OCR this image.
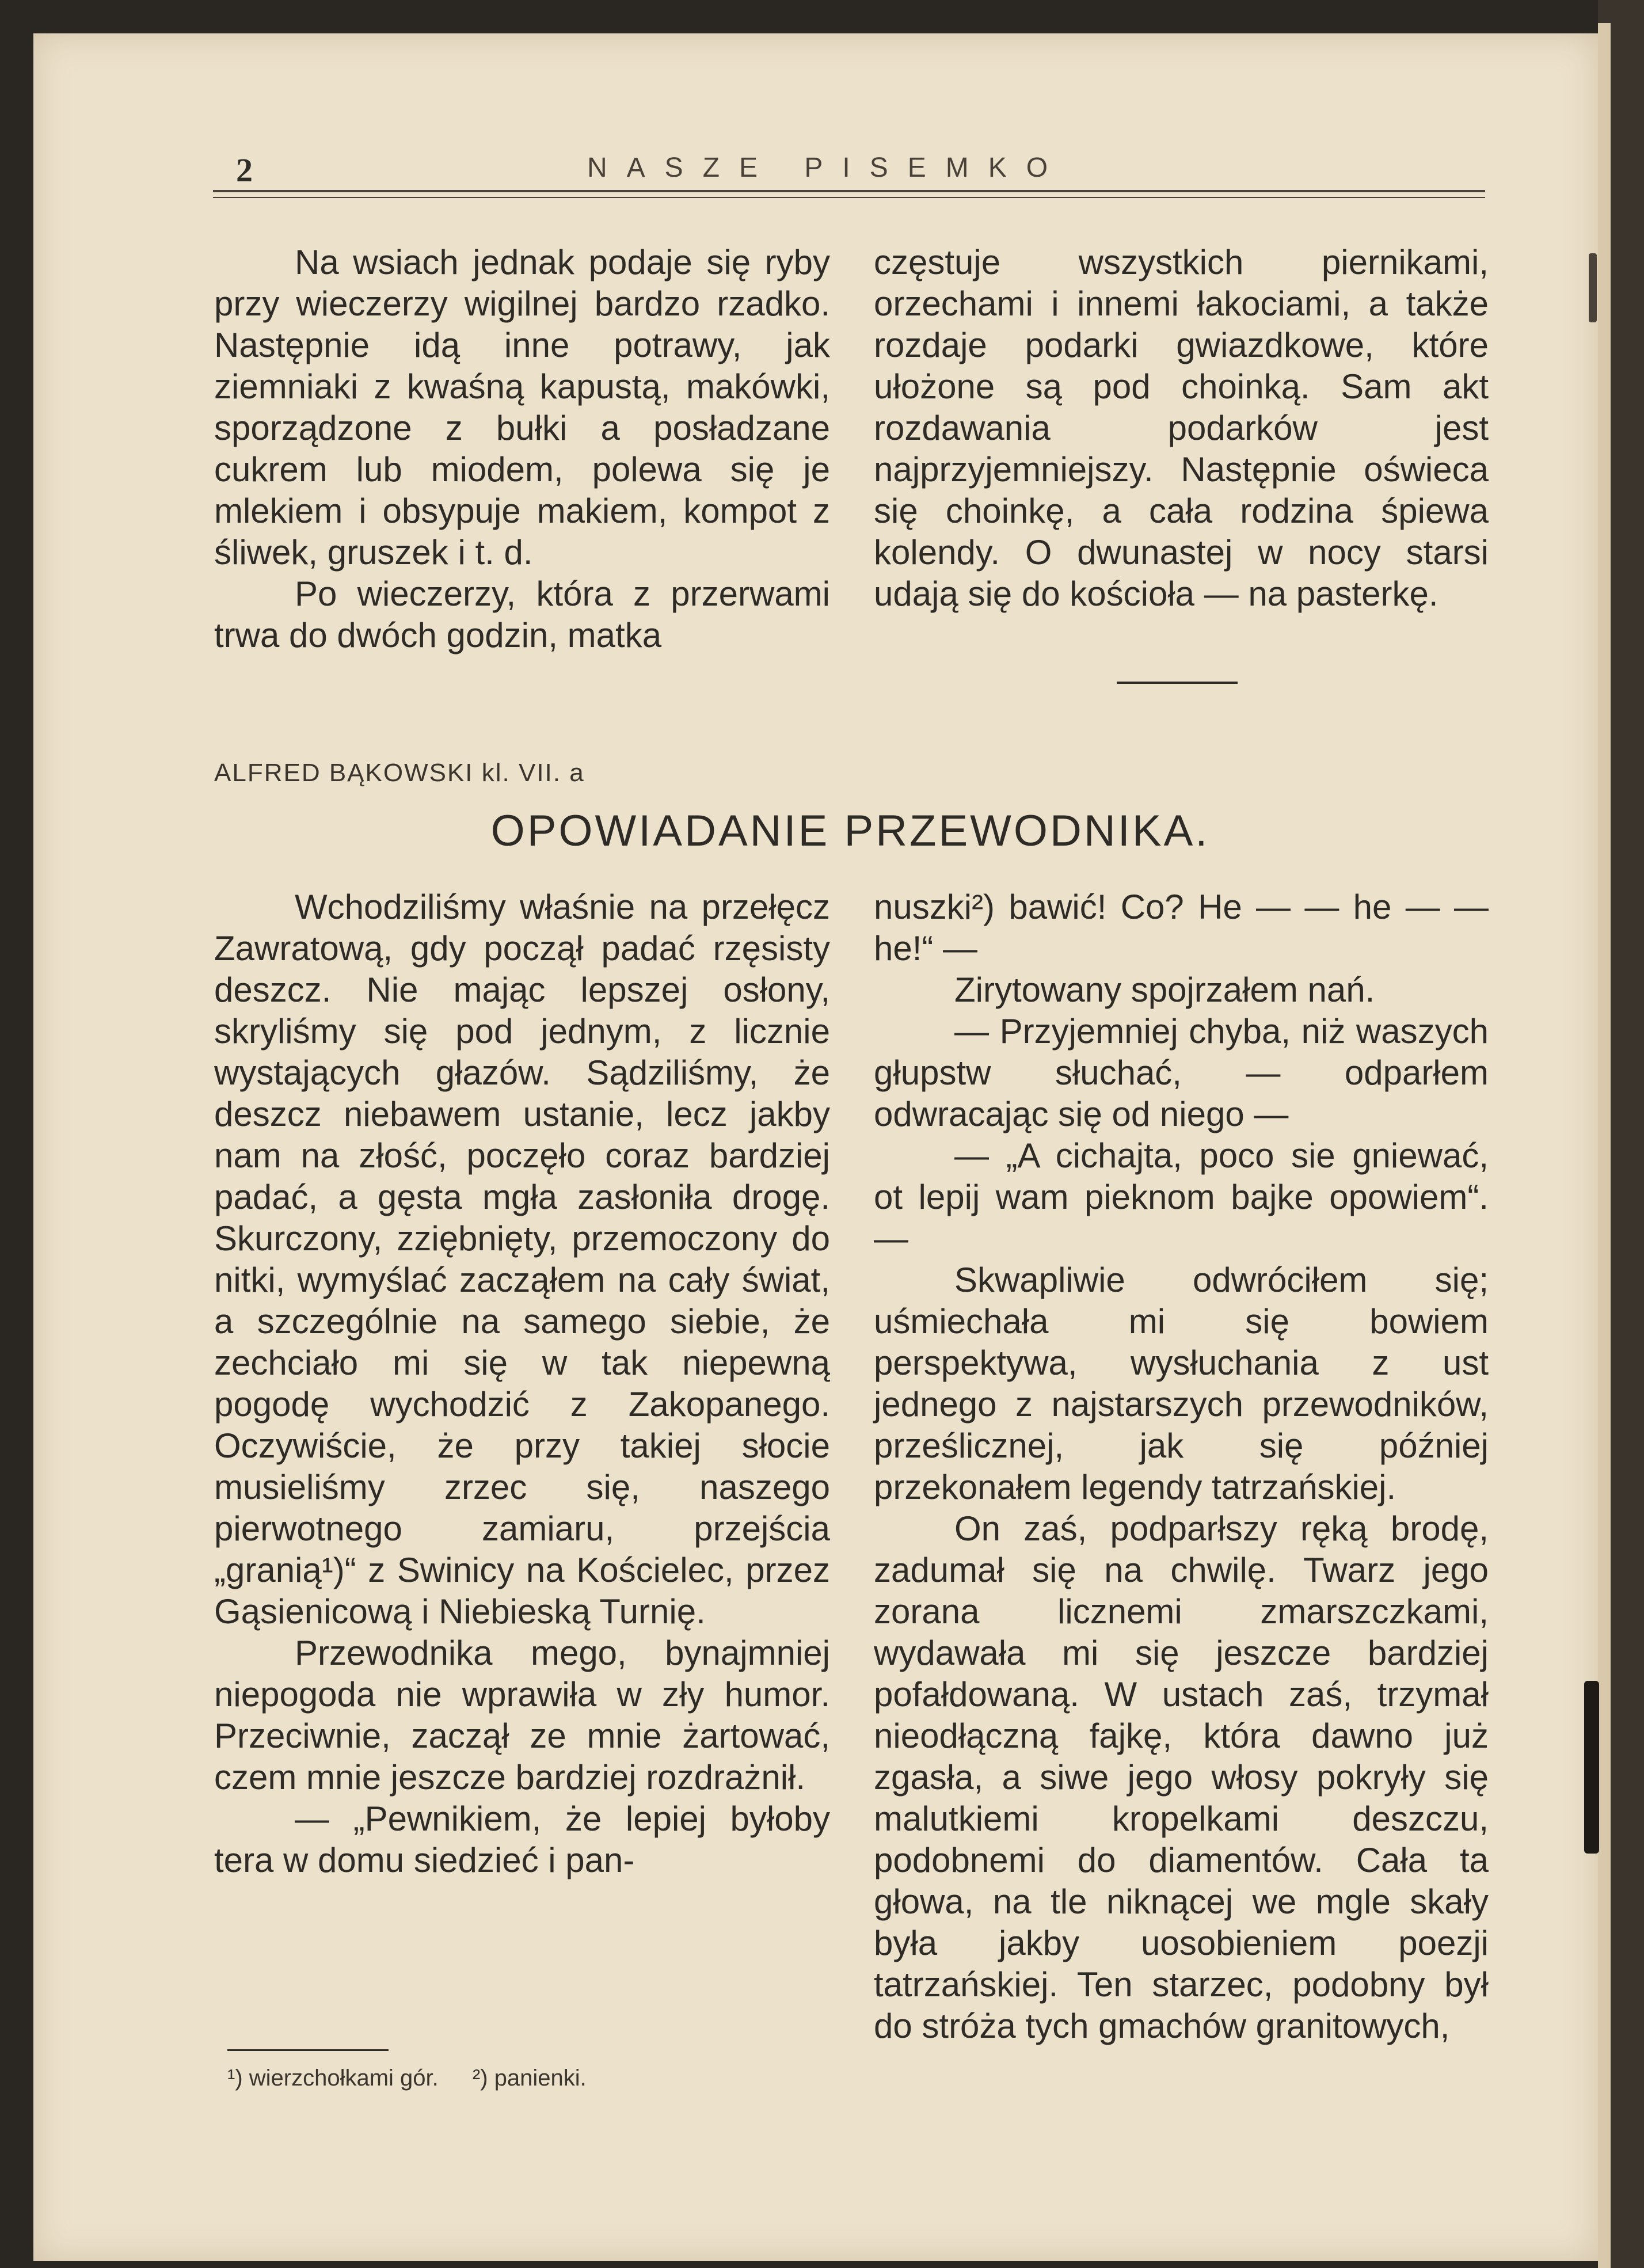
2	NASZE PISEMKO

Na wsiach jednak podaje się ryby przy wieczerzy wigilnej bardzo rzadko. Następnie idą inne potrawy, jak ziemniaki z kwaśną kapustą, makówki, sporządzone z bułki a posładzane cukrem lub miodem, polewa się je mlekiem i obsypuje makiem, kompot z śliwek, gruszek i t. d.

Po wieczerzy, która z przerwami trwa do dwóch godzin, matka

częstuje wszystkich piernikami, orzechami i innemi łakociami, a także rozdaje podarki gwiazdkowe, które ułożone są pod choinką. Sam akt rozdawania podarków jest najprzyjemniejszy. Następnie oświeca się choinkę, a cała rodzina śpiewa kolendy. O dwunastej w nocy starsi udają się do kościoła — na pasterkę.

ALFRED BĄKOWSKI kl. VII. a
OPOWIADANIE PRZEWODNIKA.

Wchodziliśmy właśnie na przełęcz Zawratową, gdy począł padać rzęsisty deszcz. Nie mając lepszej osłony, skryliśmy się pod jednym, z licznie wystających głazów. Sądziliśmy, że deszcz niebawem ustanie, lecz jakby nam na złość, poczęło coraz bardziej padać, a gęsta mgła zasłoniła drogę. Skurczony, zziębnięty, przemoczony do nitki, wymyślać zacząłem na cały świat, a szczególnie na samego siebie, że zechciało mi się w tak niepewną pogodę wychodzić z Zakopanego. Oczywiście, że przy takiej słocie musieliśmy zrzec się, naszego pierwotnego zamiaru, przejścia „granią¹)“ z Swinicy na Kościelec, przez Gąsienicową i Niebieską Turnię.

Przewodnika mego, bynajmniej niepogoda nie wprawiła w zły humor. Przeciwnie, zaczął ze mnie żartować, czem mnie jeszcze bardziej rozdrażnił.

— „Pewnikiem, że lepiej byłoby tera w domu siedzieć i pan-

nuszki²) bawić! Co? He — — he — — he!“ —

Zirytowany spojrzałem nań.

— Przyjemniej chyba, niż waszych głupstw słuchać, — odparłem odwracając się od niego —

— „A cichajta, poco sie gniewać, ot lepij wam pieknom bajke opowiem“. —

Skwapliwie odwróciłem się; uśmiechała mi się bowiem perspektywa, wysłuchania z ust jednego z najstarszych przewodników, prześlicznej, jak się później przekonałem legendy tatrzańskiej.

On zaś, podparłszy ręką brodę, zadumał się na chwilę. Twarz jego zorana licznemi zmarszczkami, wydawała mi się jeszcze bardziej pofałdowaną. W ustach zaś, trzymał nieodłączną fajkę, która dawno już zgasła, a siwe jego włosy pokryły się malutkiemi kropelkami deszczu, podobnemi do diamentów. Cała ta głowa, na tle niknącej we mgle skały była jakby uosobieniem poezji tatrzańskiej. Ten starzec, podobny był do stróża tych gmachów granitowych,

¹) wierzchołkami gór. ²) panienki.
